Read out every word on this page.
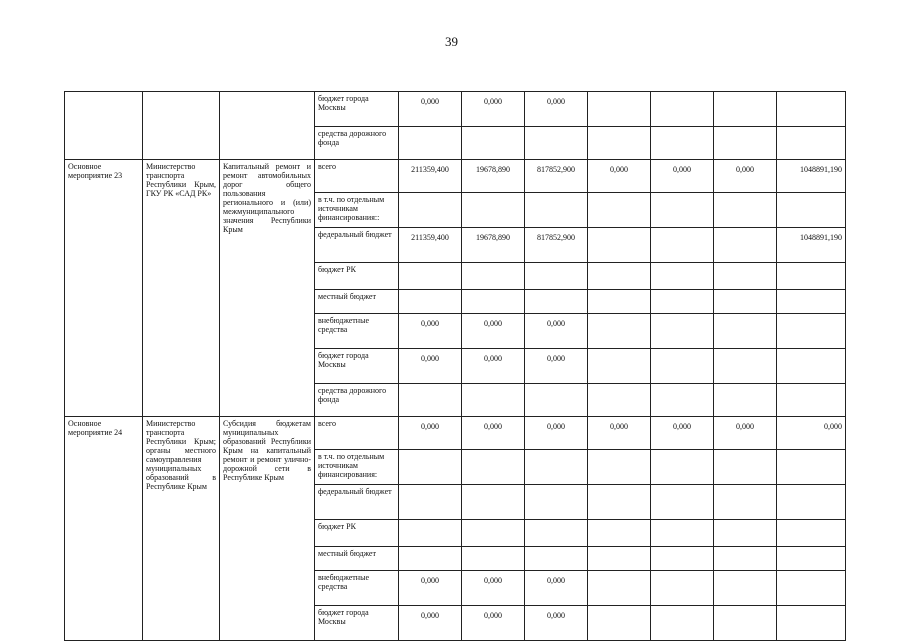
39
			бюджет города Москвы	0,000	0,000	0,000				
			средства дорожного фонда							
Основное мероприятие 23	Министерство транспорта Республики Крым, ГКУ РК «САД РК»	Капитальный ремонт и ремонт автомобильных дорог общего пользования регионального и (или) межмуниципального значения Республики Крым	всего	211359,400	19678,890	817852,900	0,000	0,000	0,000	1048891,190
			в т.ч. по отдельным источникам финансирования::							
			федеральный бюджет	211359,400	19678,890	817852,900				1048891,190
			бюджет РК							
			местный бюджет							
			внебюджетные средства	0,000	0,000	0,000				
			бюджет города Москвы	0,000	0,000	0,000				
			средства дорожного фонда							
Основное мероприятие 24	Министерство транспорта Республики Крым; органы местного самоуправления муниципальных образований в Республике Крым	Субсидия бюджетам муниципальных образований Республики Крым на капитальный ремонт и ремонт улично-дорожной сети в Республике Крым	всего	0,000	0,000	0,000	0,000	0,000	0,000	0,000
			в т.ч. по отдельным источникам финансирования:							
			федеральный бюджет							
			бюджет РК							
			местный бюджет							
			внебюджетные средства	0,000	0,000	0,000				
			бюджет города Москвы	0,000	0,000	0,000				
